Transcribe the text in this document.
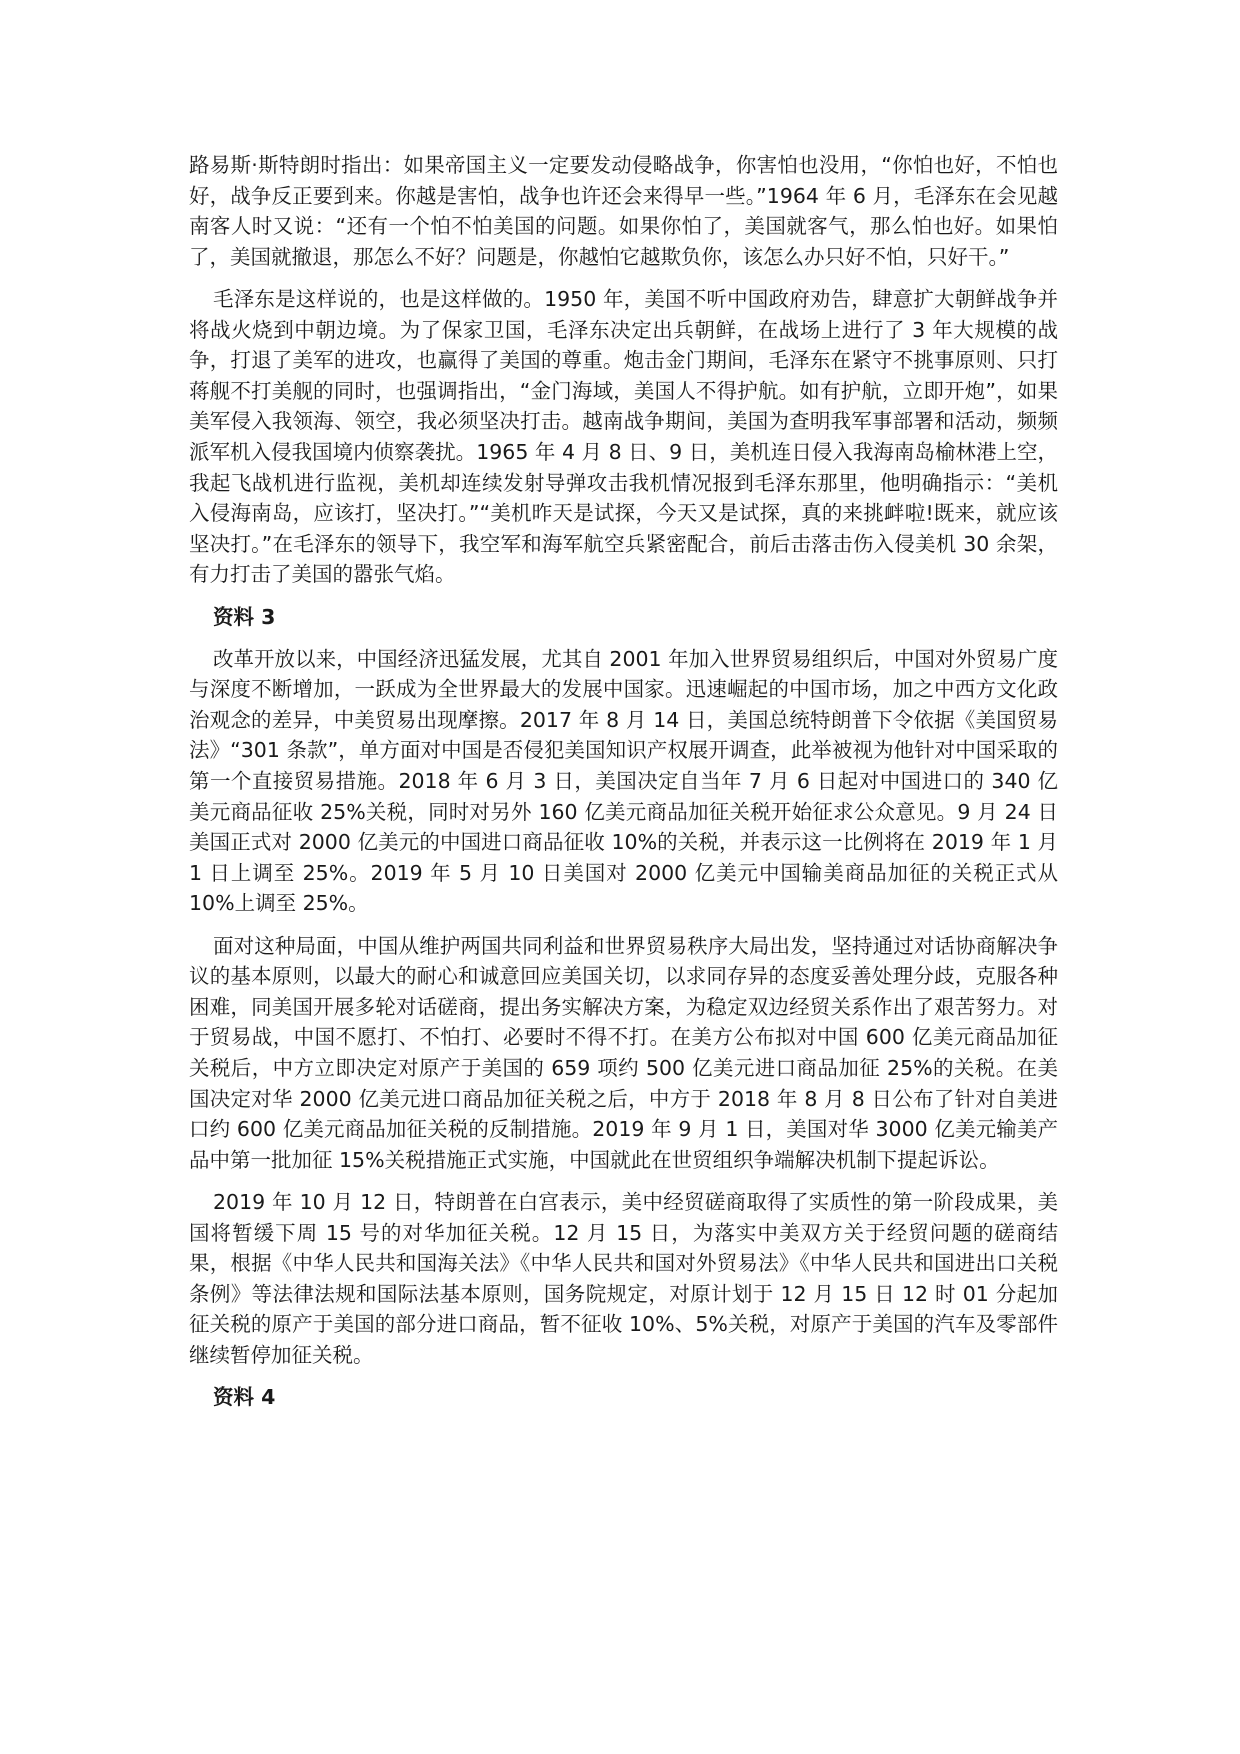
路易斯·斯特朗时指出：如果帝国主义一定要发动侵略战争，你害怕也没用，“你怕也好，不怕也好，战争反正要到来。你越是害怕，战争也许还会来得早一些。”1964 年 6 月，毛泽东在会见越南客人时又说：“还有一个怕不怕美国的问题。如果你怕了，美国就客气，那么怕也好。如果怕了，美国就撤退，那怎么不好？问题是，你越怕它越欺负你，该怎么办只好不怕，只好干。”

毛泽东是这样说的，也是这样做的。1950 年，美国不听中国政府劝告，肆意扩大朝鲜战争并将战火烧到中朝边境。为了保家卫国，毛泽东决定出兵朝鲜，在战场上进行了 3 年大规模的战争，打退了美军的进攻，也赢得了美国的尊重。炮击金门期间，毛泽东在紧守不挑事原则、只打蒋舰不打美舰的同时，也强调指出，“金门海域，美国人不得护航。如有护航，立即开炮”，如果美军侵入我领海、领空，我必须坚决打击。越南战争期间，美国为查明我军事部署和活动，频频派军机入侵我国境内侦察袭扰。1965 年 4 月 8 日、9 日，美机连日侵入我海南岛榆林港上空，我起飞战机进行监视，美机却连续发射导弹攻击我机情况报到毛泽东那里，他明确指示：“美机入侵海南岛，应该打，坚决打。”“美机昨天是试探，今天又是试探，真的来挑衅啦!既来，就应该坚决打。”在毛泽东的领导下，我空军和海军航空兵紧密配合，前后击落击伤入侵美机 30 余架，有力打击了美国的嚣张气焰。

资料 3

改革开放以来，中国经济迅猛发展，尤其自 2001 年加入世界贸易组织后，中国对外贸易广度与深度不断增加，一跃成为全世界最大的发展中国家。迅速崛起的中国市场，加之中西方文化政治观念的差异，中美贸易出现摩擦。2017 年 8 月 14 日，美国总统特朗普下令依据《美国贸易法》“301 条款”，单方面对中国是否侵犯美国知识产权展开调查，此举被视为他针对中国采取的第一个直接贸易措施。2018 年 6 月 3 日，美国决定自当年 7 月 6 日起对中国进口的 340 亿美元商品征收 25%关税，同时对另外 160 亿美元商品加征关税开始征求公众意见。9 月 24 日美国正式对 2000 亿美元的中国进口商品征收 10%的关税，并表示这一比例将在 2019 年 1 月 1 日上调至 25%。2019 年 5 月 10 日美国对 2000 亿美元中国输美商品加征的关税正式从 10%上调至 25%。

面对这种局面，中国从维护两国共同利益和世界贸易秩序大局出发，坚持通过对话协商解决争议的基本原则，以最大的耐心和诚意回应美国关切，以求同存异的态度妥善处理分歧，克服各种困难，同美国开展多轮对话磋商，提出务实解决方案，为稳定双边经贸关系作出了艰苦努力。对于贸易战，中国不愿打、不怕打、必要时不得不打。在美方公布拟对中国 600 亿美元商品加征关税后，中方立即决定对原产于美国的 659 项约 500 亿美元进口商品加征 25%的关税。在美国决定对华 2000 亿美元进口商品加征关税之后，中方于 2018 年 8 月 8 日公布了针对自美进口约 600 亿美元商品加征关税的反制措施。2019 年 9 月 1 日，美国对华 3000 亿美元输美产品中第一批加征 15%关税措施正式实施，中国就此在世贸组织争端解决机制下提起诉讼。

2019 年 10 月 12 日，特朗普在白宫表示，美中经贸磋商取得了实质性的第一阶段成果，美国将暂缓下周 15 号的对华加征关税。12 月 15 日，为落实中美双方关于经贸问题的磋商结果，根据《中华人民共和国海关法》《中华人民共和国对外贸易法》《中华人民共和国进出口关税条例》等法律法规和国际法基本原则，国务院规定，对原计划于 12 月 15 日 12 时 01 分起加征关税的原产于美国的部分进口商品，暂不征收 10%、5%关税，对原产于美国的汽车及零部件继续暂停加征关税。

资料 4
